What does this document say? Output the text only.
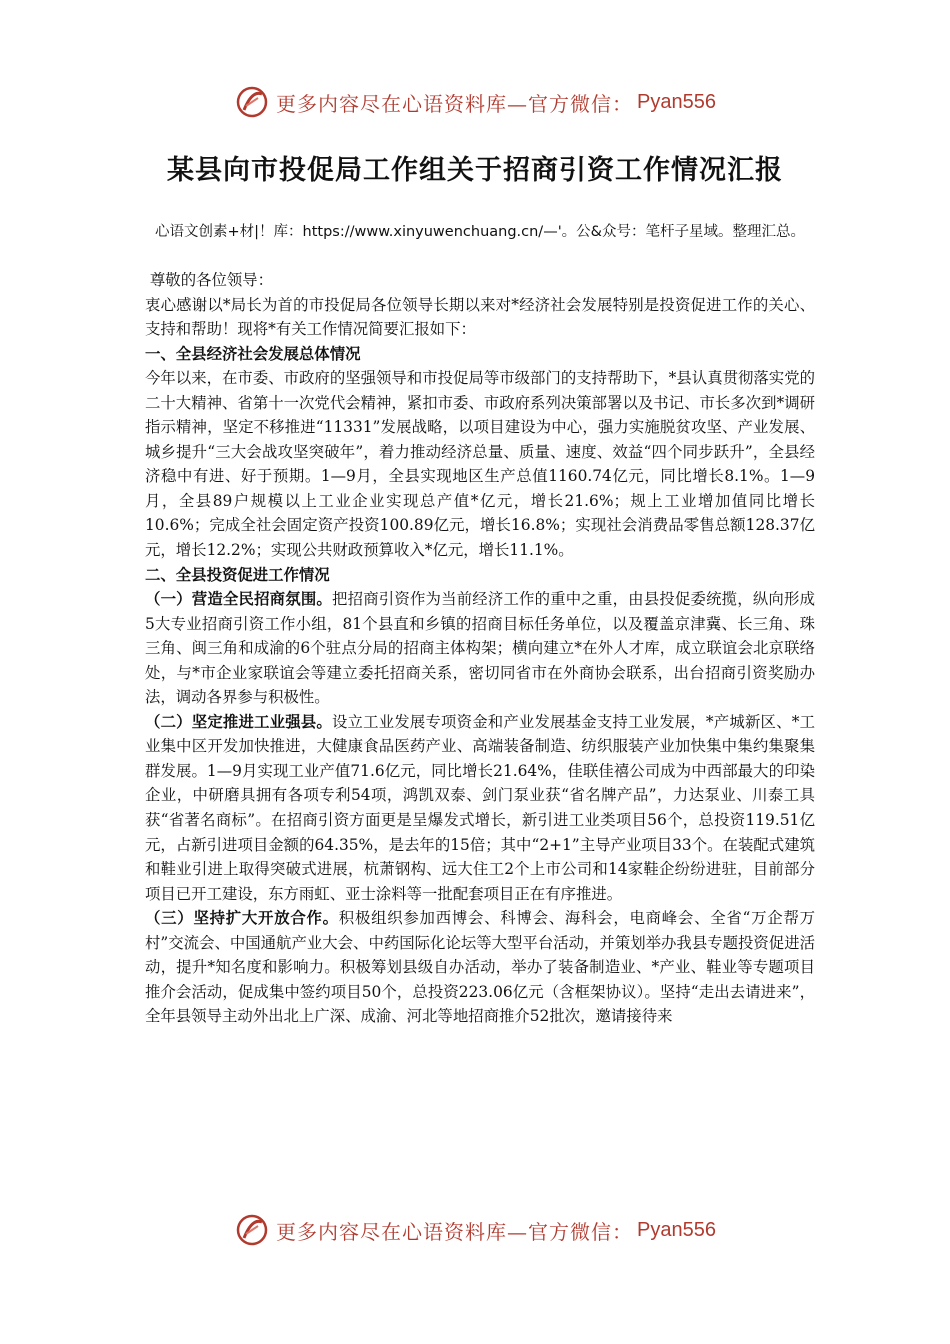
更多内容尽在心语资料库—官方微信： Pyan556
某县向市投促局工作组关于招商引资工作情况汇报
心语文创素+材|！库：https://www.xinyuwenchuang.cn/—'。公&众号：笔杆子星域。整理汇总。

尊敬的各位领导：

衷心感谢以*局长为首的市投促局各位领导长期以来对*经济社会发展特别是投资促进工作的关心、支持和帮助！现将*有关工作情况简要汇报如下：

一、全县经济社会发展总体情况

今年以来，在市委、市政府的坚强领导和市投促局等市级部门的支持帮助下，*县认真贯彻落实党的二十大精神、省第十一次党代会精神，紧扣市委、市政府系列决策部署以及书记、市长多次到*调研指示精神，坚定不移推进“11331”发展战略，以项目建设为中心，强力实施脱贫攻坚、产业发展、城乡提升“三大会战攻坚突破年”，着力推动经济总量、质量、速度、效益“四个同步跃升”，全县经济稳中有进、好于预期。1—9月，全县实现地区生产总值1160.74亿元，同比增长8.1%。1—9月，全县89户规模以上工业企业实现总产值*亿元，增长21.6%；规上工业增加值同比增长10.6%；完成全社会固定资产投资100.89亿元，增长16.8%；实现社会消费品零售总额128.37亿元，增长12.2%；实现公共财政预算收入*亿元，增长11.1%。

二、全县投资促进工作情况

（一）营造全民招商氛围。把招商引资作为当前经济工作的重中之重，由县投促委统揽，纵向形成5大专业招商引资工作小组，81个县直和乡镇的招商目标任务单位，以及覆盖京津冀、长三角、珠三角、闽三角和成渝的6个驻点分局的招商主体构架；横向建立*在外人才库，成立联谊会北京联络处，与*市企业家联谊会等建立委托招商关系，密切同省市在外商协会联系，出台招商引资奖励办法，调动各界参与积极性。

（二）坚定推进工业强县。设立工业发展专项资金和产业发展基金支持工业发展，*产城新区、*工业集中区开发加快推进，大健康食品医药产业、高端装备制造、纺织服装产业加快集中集约集聚集群发展。1—9月实现工业产值71.6亿元，同比增长21.64%，佳联佳禧公司成为中西部最大的印染企业，中研磨具拥有各项专利54项，鸿凯双泰、剑门泵业获“省名牌产品”，力达泵业、川泰工具获“省著名商标”。在招商引资方面更是呈爆发式增长，新引进工业类项目56个，总投资119.51亿元，占新引进项目金额的64.35%，是去年的15倍；其中“2+1”主导产业项目33个。在装配式建筑和鞋业引进上取得突破式进展，杭萧钢构、远大住工2个上市公司和14家鞋企纷纷进驻，目前部分项目已开工建设，东方雨虹、亚士涂料等一批配套项目正在有序推进。

（三）坚持扩大开放合作。积极组织参加西博会、科博会、海科会，电商峰会、全省“万企帮万村”交流会、中国通航产业大会、中药国际化论坛等大型平台活动，并策划举办我县专题投资促进活动，提升*知名度和影响力。积极筹划县级自办活动，举办了装备制造业、*产业、鞋业等专题项目推介会活动，促成集中签约项目50个，总投资223.06亿元（含框架协议）。坚持“走出去请进来”，全年县领导主动外出北上广深、成渝、河北等地招商推介52批次，邀请接待来

更多内容尽在心语资料库—官方微信： Pyan556
